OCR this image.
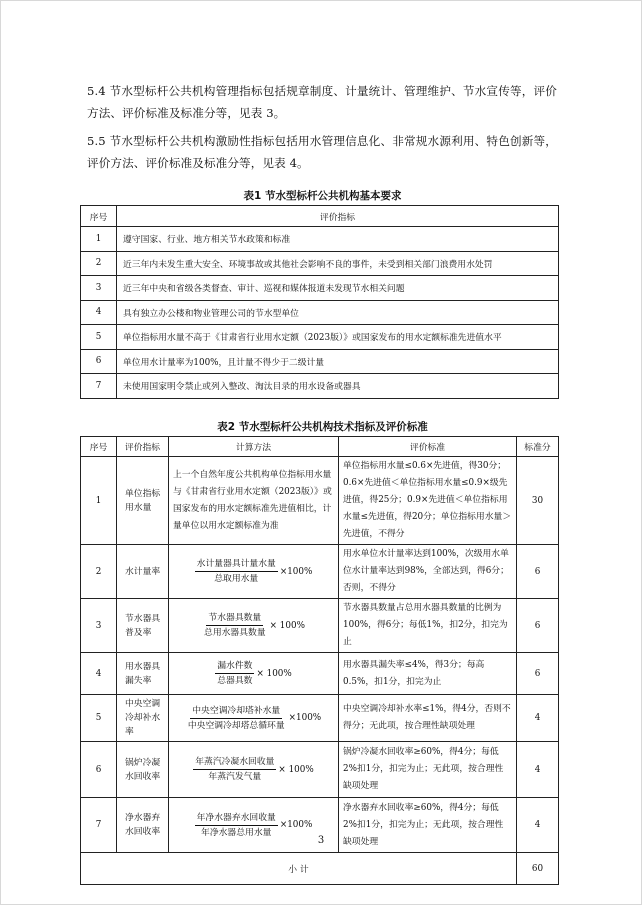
5.4 节水型标杆公共机构管理指标包括规章制度、计量统计、管理维护、节水宣传等，评价方法、评价标准及标准分等，见表 3。
5.5 节水型标杆公共机构激励性指标包括用水管理信息化、非常规水源利用、特色创新等，评价方法、评价标准及标准分等，见表 4。
表1 节水型标杆公共机构基本要求
序号	评价指标
1	遵守国家、行业、地方相关节水政策和标准
2	近三年内未发生重大安全、环境事故或其他社会影响不良的事件，未受到相关部门浪费用水处罚
3	近三年中央和省级各类督查、审计、巡视和媒体报道未发现节水相关问题
4	具有独立办公楼和物业管理公司的节水型单位
5	单位指标用水量不高于《甘肃省行业用水定额（2023版）》或国家发布的用水定额标准先进值水平
6	单位用水计量率为100%，且计量不得少于二级计量
7	未使用国家明令禁止或列入整改、淘汰目录的用水设备或器具
表2 节水型标杆公共机构技术指标及评价标准
序号	评价指标	计算方法	评价标准	标准分
1	单位指标用水量	上一个自然年度公共机构单位指标用水量与《甘肃省行业用水定额（2023版）》或国家发布的用水定额标准先进值相比，计量单位以用水定额标准为准	单位指标用水量≤0.6×先进值，得30分；0.6×先进值＜单位指标用水量≤0.9×级先进值，得25分；0.9×先进值＜单位指标用水量≤先进值，得20分；单位指标用水量＞先进值，不得分	30
2	水计量率	水计量器具计量水量
总取用水量
×100%	用水单位水计量率达到100%，次级用水单位水计量率达到98%，全部达到，得6分；否则，不得分	6
3	节水器具普及率	节水器具数量
总用水器具数量
× 100%	节水器具数量占总用水器具数量的比例为100%，得6分；每低1%，扣2分，扣完为止	6
4	用水器具漏失率	漏水件数
总器具数
× 100%	用水器具漏失率≤4%，得3分；每高0.5%，扣1分，扣完为止	6
5	中央空调冷却补水率	中央空调冷却塔补水量
中央空调冷却塔总循环量
×100%	中央空调冷却补水率≤1%，得4分，否则不得分；无此项，按合理性缺项处理	4
6	锅炉冷凝水回收率	年蒸汽冷凝水回收量
年蒸汽发气量
× 100%	锅炉冷凝水回收率≥60%，得4分；每低2%扣1分，扣完为止；无此项，按合理性缺项处理	4
7	净水器弃水回收率	年净水器弃水回收量
年净水器总用水量
×100%	净水器弃水回收率≥60%，得4分；每低2%扣1分，扣完为止；无此项，按合理性缺项处理	4
小 计				60
3
